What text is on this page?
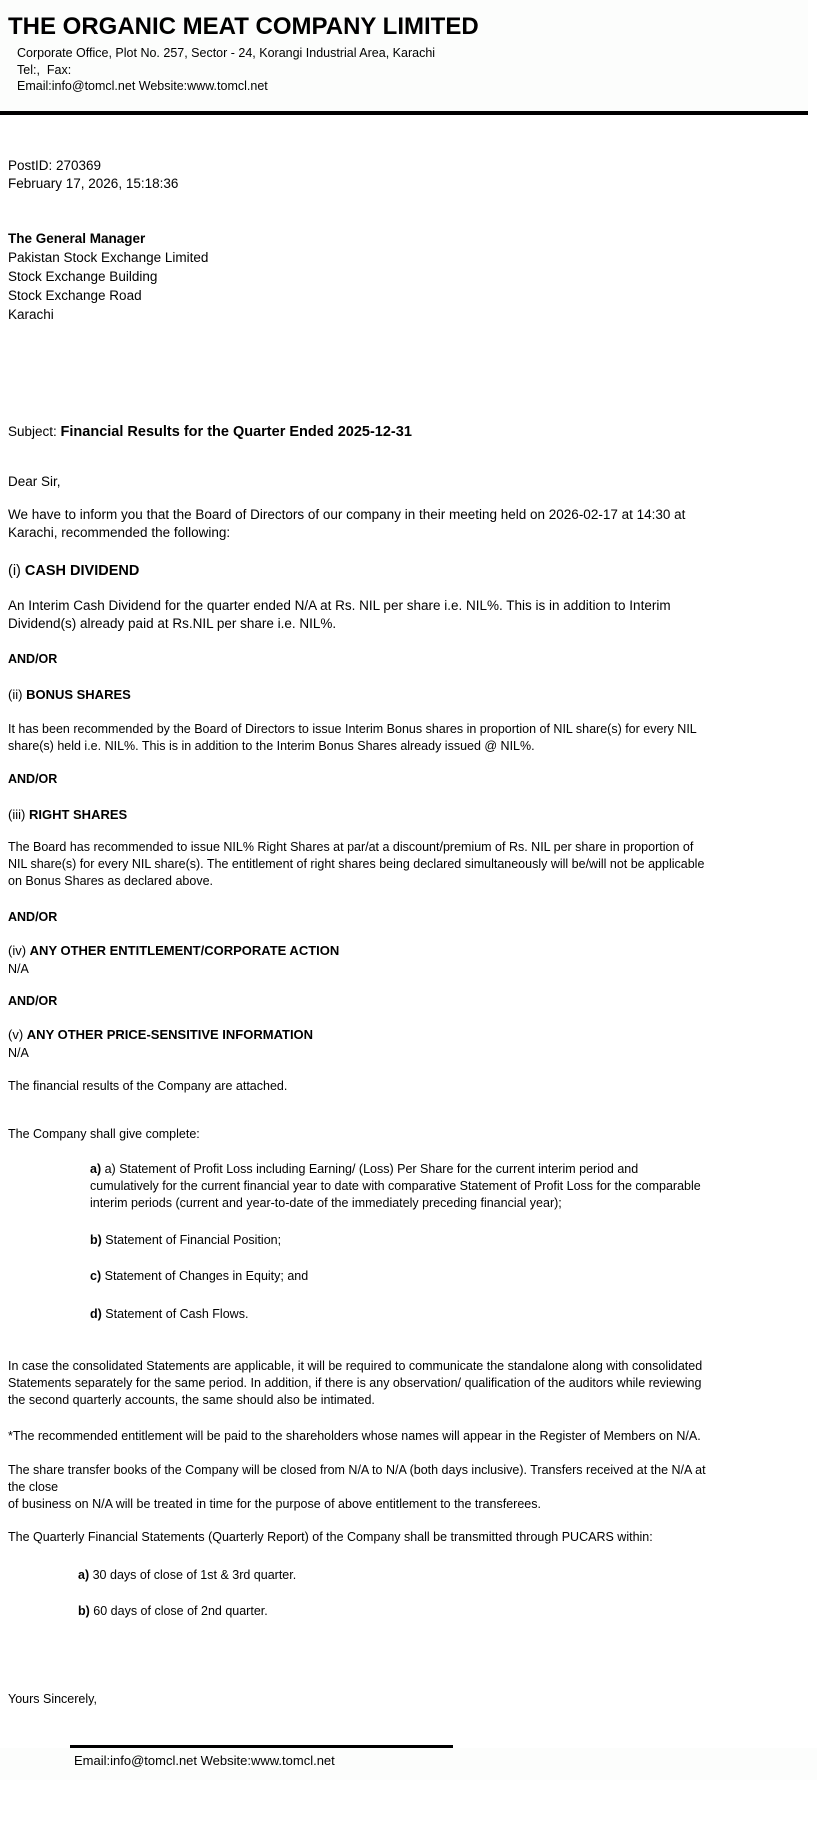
THE ORGANIC MEAT COMPANY LIMITED
Corporate Office, Plot No. 257, Sector - 24, Korangi Industrial Area, Karachi
Tel:,  Fax:
Email:info@tomcl.net Website:www.tomcl.net

PostID: 270369
February 17, 2026, 15:18:36

The General Manager
Pakistan Stock Exchange Limited
Stock Exchange Building
Stock Exchange Road
Karachi

Subject: Financial Results for the Quarter Ended 2025-12-31

Dear Sir,

We have to inform you that the Board of Directors of our company in their meeting held on 2026-02-17 at 14:30 at Karachi, recommended the following:

(i) CASH DIVIDEND

An Interim Cash Dividend for the quarter ended N/A at Rs. NIL per share i.e. NIL%. This is in addition to Interim Dividend(s) already paid at Rs.NIL per share i.e. NIL%.

AND/OR

(ii) BONUS SHARES

It has been recommended by the Board of Directors to issue Interim Bonus shares in proportion of NIL share(s) for every NIL share(s) held i.e. NIL%. This is in addition to the Interim Bonus Shares already issued @ NIL%.

AND/OR

(iii) RIGHT SHARES

The Board has recommended to issue NIL% Right Shares at par/at a discount/premium of Rs. NIL per share in proportion of NIL share(s) for every NIL share(s). The entitlement of right shares being declared simultaneously will be/will not be applicable on Bonus Shares as declared above.

AND/OR

(iv) ANY OTHER ENTITLEMENT/CORPORATE ACTION

N/A

AND/OR

(v) ANY OTHER PRICE-SENSITIVE INFORMATION

N/A

The financial results of the Company are attached.

The Company shall give complete:

a) a) Statement of Profit Loss including Earning/ (Loss) Per Share for the current interim period and cumulatively for the current financial year to date with comparative Statement of Profit Loss for the comparable interim periods (current and year-to-date of the immediately preceding financial year);

b) Statement of Financial Position;

c) Statement of Changes in Equity; and

d) Statement of Cash Flows.

In case the consolidated Statements are applicable, it will be required to communicate the standalone along with consolidated Statements separately for the same period. In addition, if there is any observation/ qualification of the auditors while reviewing the second quarterly accounts, the same should also be intimated.

*The recommended entitlement will be paid to the shareholders whose names will appear in the Register of Members on N/A.

The share transfer books of the Company will be closed from N/A to N/A (both days inclusive). Transfers received at the N/A at the close
of business on N/A will be treated in time for the purpose of above entitlement to the transferees.

The Quarterly Financial Statements (Quarterly Report) of the Company shall be transmitted through PUCARS within:

a) 30 days of close of 1st & 3rd quarter.

b) 60 days of close of 2nd quarter.

Yours Sincerely,

Email:info@tomcl.net Website:www.tomcl.net
